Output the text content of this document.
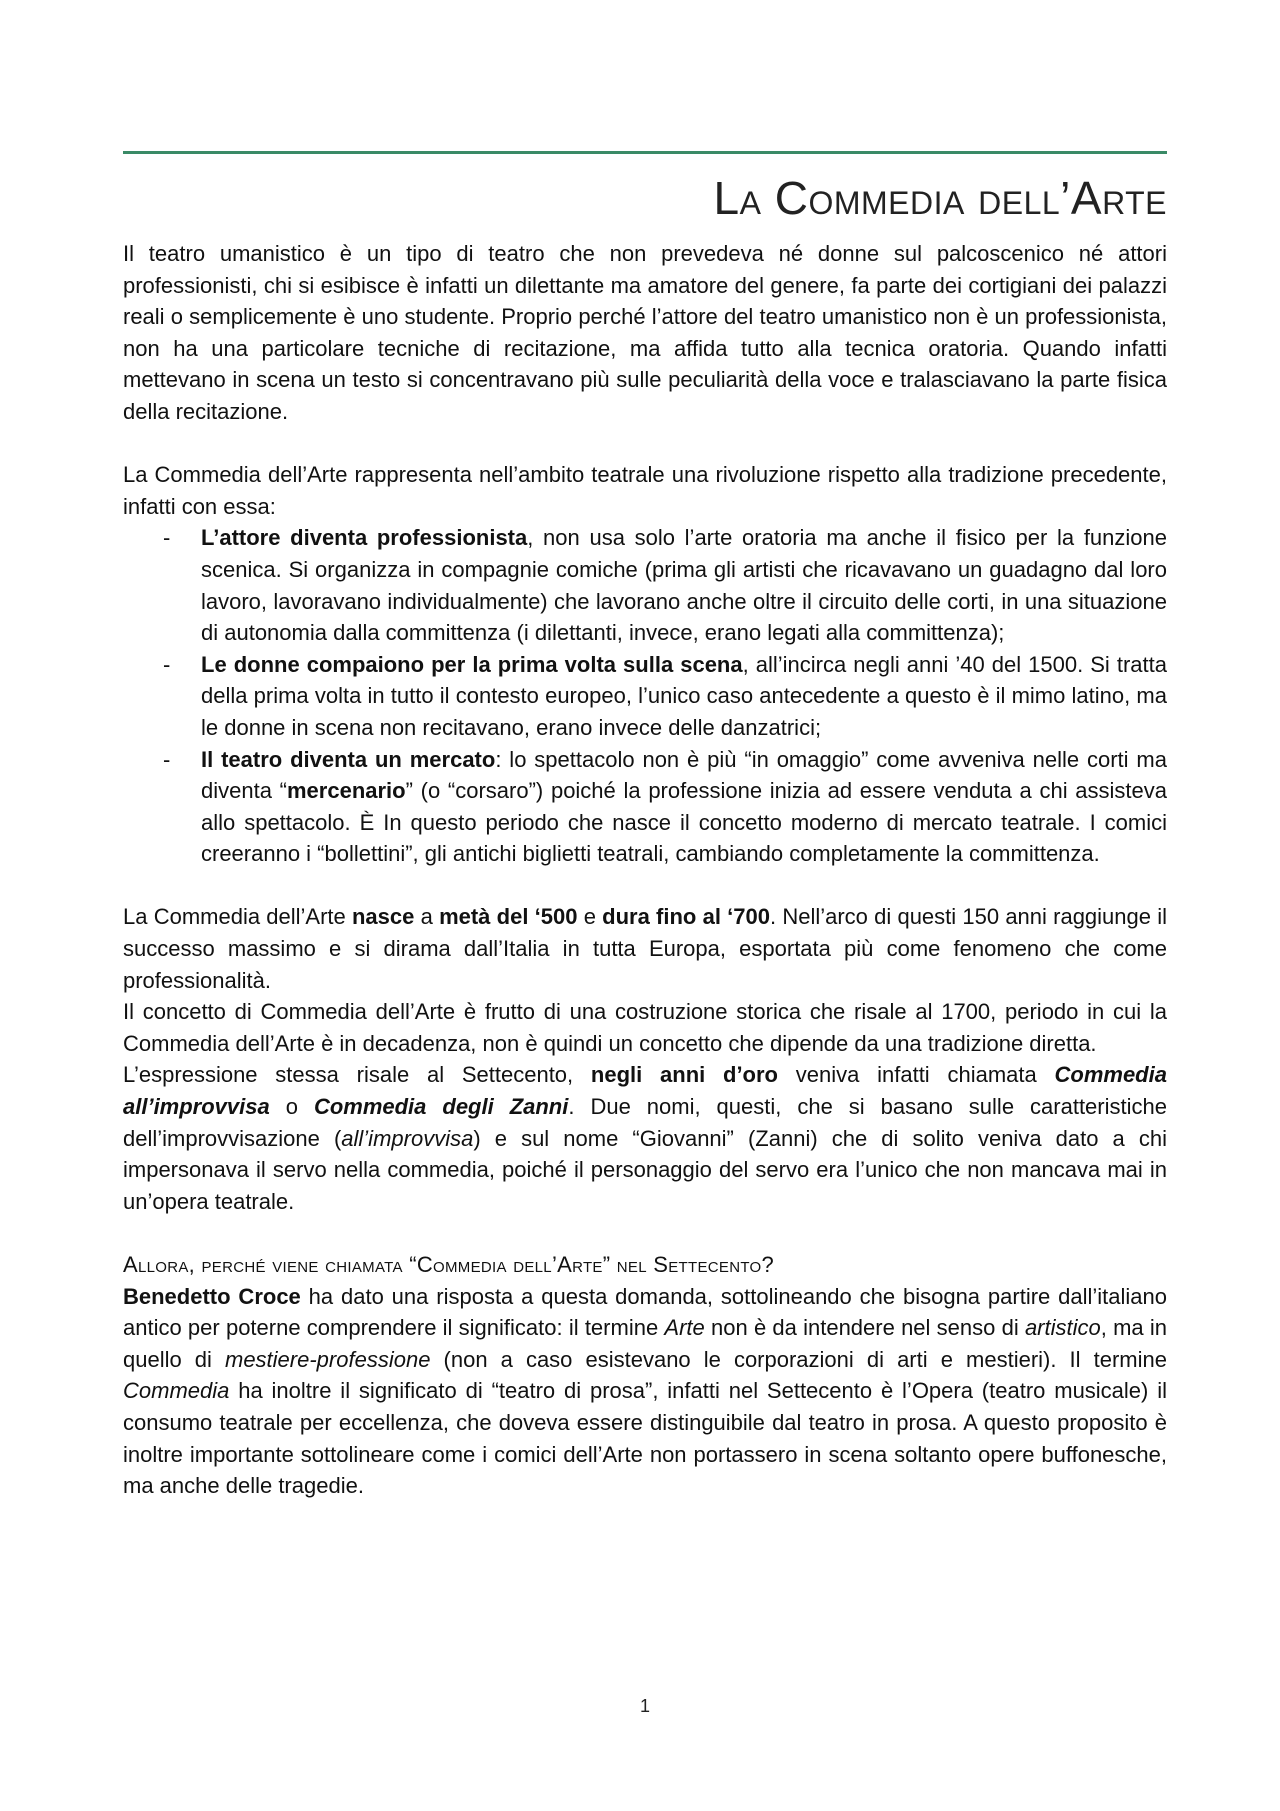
La Commedia dell’Arte

Il teatro umanistico è un tipo di teatro che non prevedeva né donne sul palcoscenico né attori professionisti, chi si esibisce è infatti un dilettante ma amatore del genere, fa parte dei cortigiani dei palazzi reali o semplicemente è uno studente. Proprio perché l’attore del teatro umanistico non è un professionista, non ha una particolare tecniche di recitazione, ma affida tutto alla tecnica oratoria. Quando infatti mettevano in scena un testo si concentravano più sulle peculiarità della voce e tralasciavano la parte fisica della recitazione.

La Commedia dell’Arte rappresenta nell’ambito teatrale una rivoluzione rispetto alla tradizione precedente, infatti con essa:

- L’attore diventa professionista, non usa solo l’arte oratoria ma anche il fisico per la funzione scenica. Si organizza in compagnie comiche (prima gli artisti che ricavavano un guadagno dal loro lavoro, lavoravano individualmente) che lavorano anche oltre il circuito delle corti, in una situazione di autonomia dalla committenza (i dilettanti, invece, erano legati alla committenza);
- Le donne compaiono per la prima volta sulla scena, all’incirca negli anni ’40 del 1500. Si tratta della prima volta in tutto il contesto europeo, l’unico caso antecedente a questo è il mimo latino, ma le donne in scena non recitavano, erano invece delle danzatrici;
- Il teatro diventa un mercato: lo spettacolo non è più “in omaggio” come avveniva nelle corti ma diventa “mercenario” (o “corsaro”) poiché la professione inizia ad essere venduta a chi assisteva allo spettacolo. È In questo periodo che nasce il concetto moderno di mercato teatrale. I comici creeranno i “bollettini”, gli antichi biglietti teatrali, cambiando completamente la committenza.

La Commedia dell’Arte nasce a metà del ‘500 e dura fino al ‘700. Nell’arco di questi 150 anni raggiunge il successo massimo e si dirama dall’Italia in tutta Europa, esportata più come fenomeno che come professionalità.

Il concetto di Commedia dell’Arte è frutto di una costruzione storica che risale al 1700, periodo in cui la Commedia dell’Arte è in decadenza, non è quindi un concetto che dipende da una tradizione diretta.

L’espressione stessa risale al Settecento, negli anni d’oro veniva infatti chiamata Commedia all’improvvisa o Commedia degli Zanni. Due nomi, questi, che si basano sulle caratteristiche dell’improvvisazione (all’improvvisa) e sul nome “Giovanni” (Zanni) che di solito veniva dato a chi impersonava il servo nella commedia, poiché il personaggio del servo era l’unico che non mancava mai in un’opera teatrale.

Allora, perché viene chiamata “Commedia dell’Arte” nel Settecento?

Benedetto Croce ha dato una risposta a questa domanda, sottolineando che bisogna partire dall’italiano antico per poterne comprendere il significato: il termine Arte non è da intendere nel senso di artistico, ma in quello di mestiere-professione (non a caso esistevano le corporazioni di arti e mestieri). Il termine Commedia ha inoltre il significato di “teatro di prosa”, infatti nel Settecento è l’Opera (teatro musicale) il consumo teatrale per eccellenza, che doveva essere distinguibile dal teatro in prosa. A questo proposito è inoltre importante sottolineare come i comici dell’Arte non portassero in scena soltanto opere buffonesche, ma anche delle tragedie.

1
